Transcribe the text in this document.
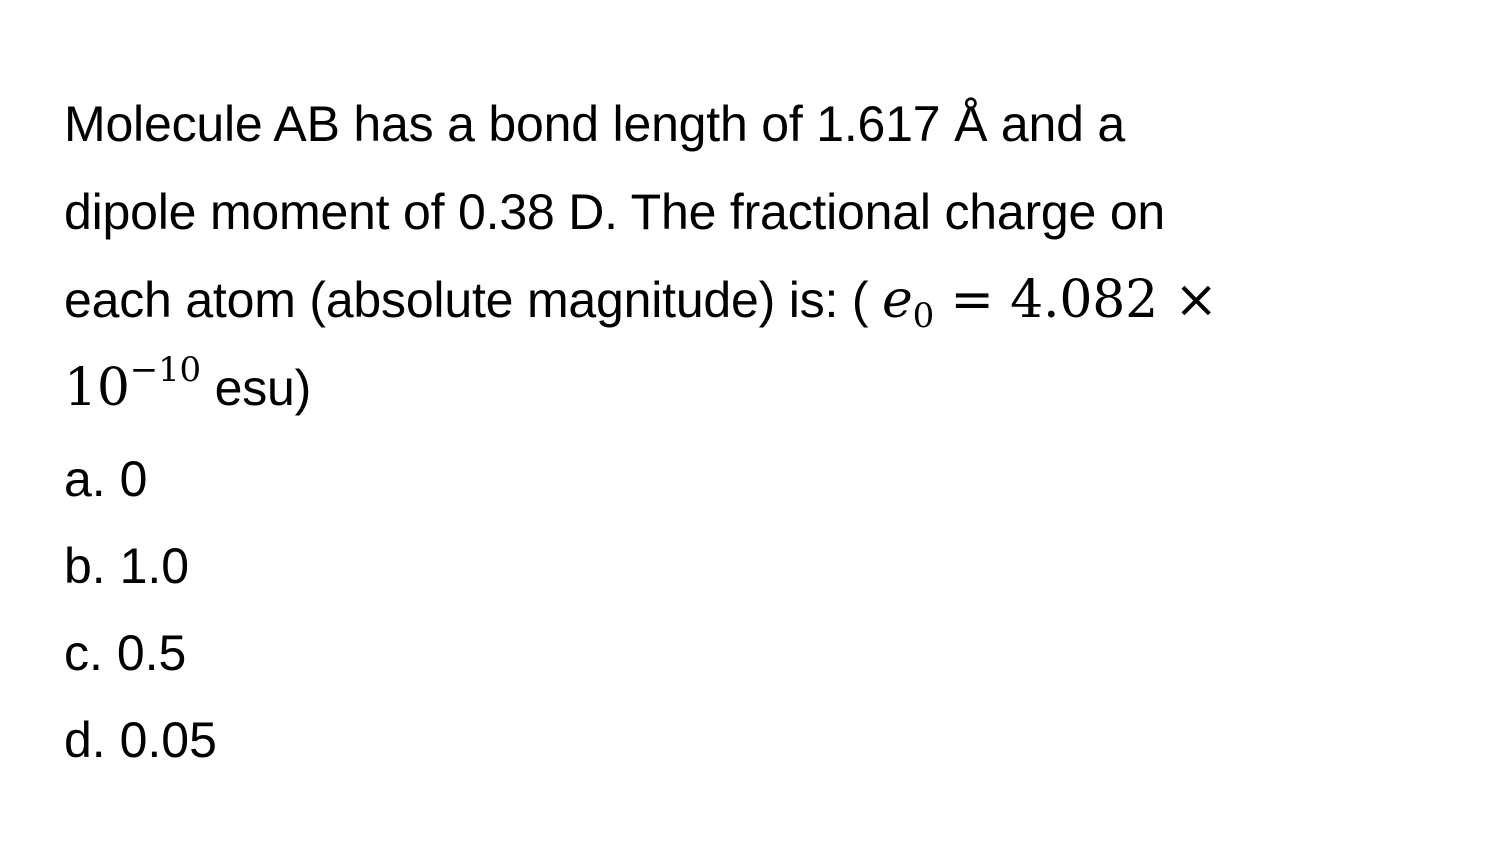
Molecule AB has a bond length of 1.617 Å and a
dipole moment of 0.38 D. The fractional charge on
each atom (absolute magnitude) is: ( $e_0 = 4.082$ ×
$10^{-10}$ esu)
a. 0
b. 1.0
c. 0.5
d. 0.05
